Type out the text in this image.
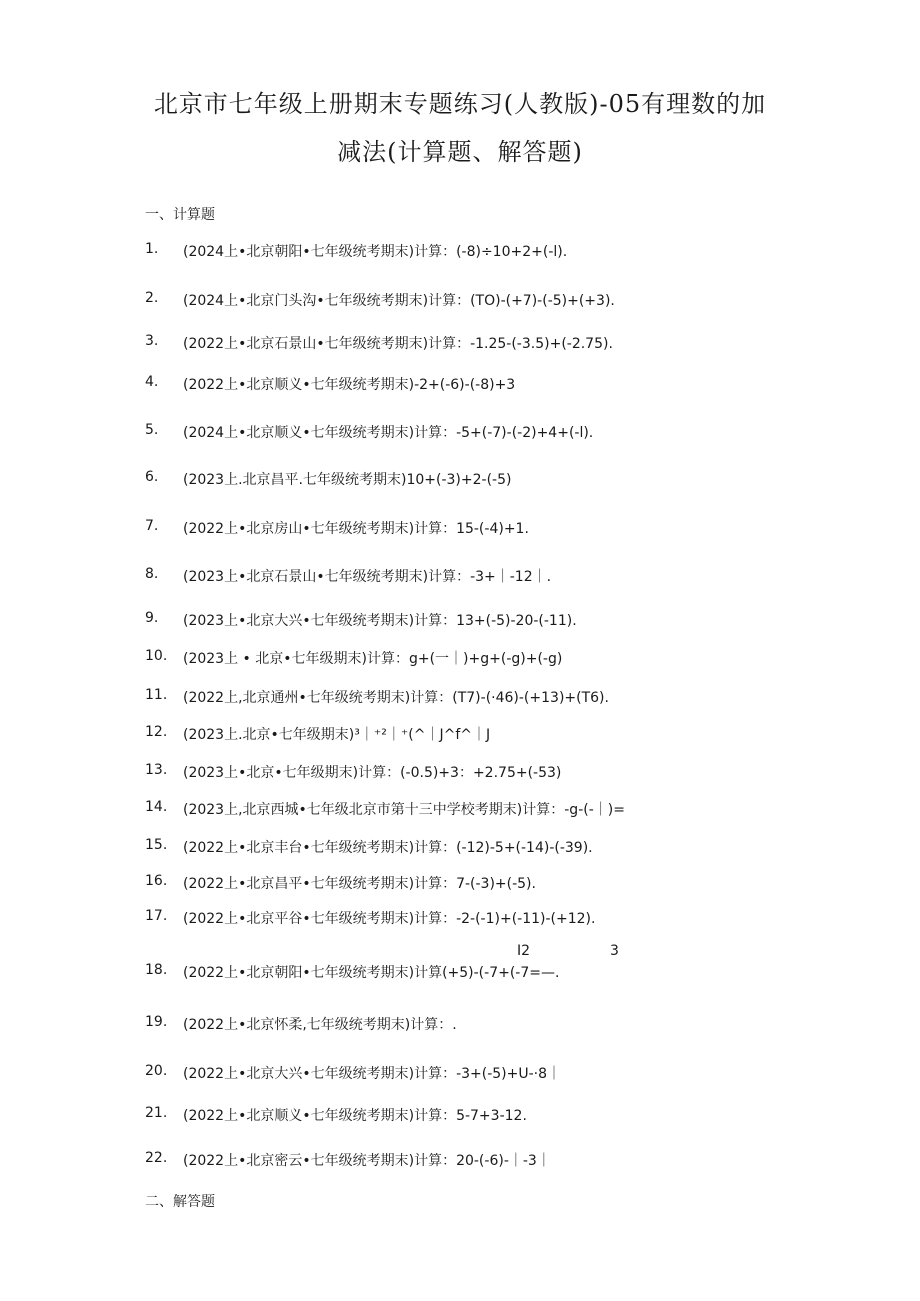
北京市七年级上册期末专题练习(人教版)-05有理数的加
减法(计算题、解答题)
一、计算题
1. (2024上•北京朝阳•七年级统考期末)计算：(-8)÷10+2+(-l).
2. (2024上•北京门头沟•七年级统考期末)计算：(TO)-(+7)-(-5)+(+3).
3. (2022上•北京石景山•七年级统考期末)计算：-1.25-(-3.5)+(-2.75).
4. (2022上•北京顺义•七年级统考期末)-2+(-6)-(-8)+3
5. (2024上•北京顺义•七年级统考期末)计算：-5+(-7)-(-2)+4+(-l).
6. (2023上.北京昌平.七年级统考期末)10+(-3)+2-(-5)
7. (2022上•北京房山•七年级统考期末)计算：15-(-4)+1.
8. (2023上•北京石景山•七年级统考期末)计算：-3+｜-12｜.
9. (2023上•北京大兴•七年级统考期末)计算：13+(-5)-20-(-11).
10. (2023上 • 北京•七年级期末)计算：g+(一｜)+g+(-g)+(-g)
11. (2022上,北京通州•七年级统考期末)计算：(T7)-(·46)-(+13)+(T6).
12. (2023上.北京•七年级期末)³｜⁺²｜⁺(^｜J^f^｜J
13. (2023上•北京•七年级期末)计算：(-0.5)+3：+2.75+(-53)
14. (2023上,北京西城•七年级北京市第十三中学校考期末)计算：-g-(-｜)=
15. (2022上•北京丰台•七年级统考期末)计算：(-12)-5+(-14)-(-39).
16. (2022上•北京昌平•七年级统考期末)计算：7-(-3)+(-5).
17. (2022上•北京平谷•七年级统考期末)计算：-2-(-1)+(-11)-(+12).
I2	3
18. (2022上•北京朝阳•七年级统考期末)计算(+5)-(-7+(-7=—.
19. (2022上•北京怀柔,七年级统考期末)计算：.
20. (2022上•北京大兴•七年级统考期末)计算：-3+(-5)+U-·8｜
21. (2022上•北京顺义•七年级统考期末)计算：5-7+3-12.
22. (2022上•北京密云•七年级统考期末)计算：20-(-6)-｜-3｜
二、解答题
